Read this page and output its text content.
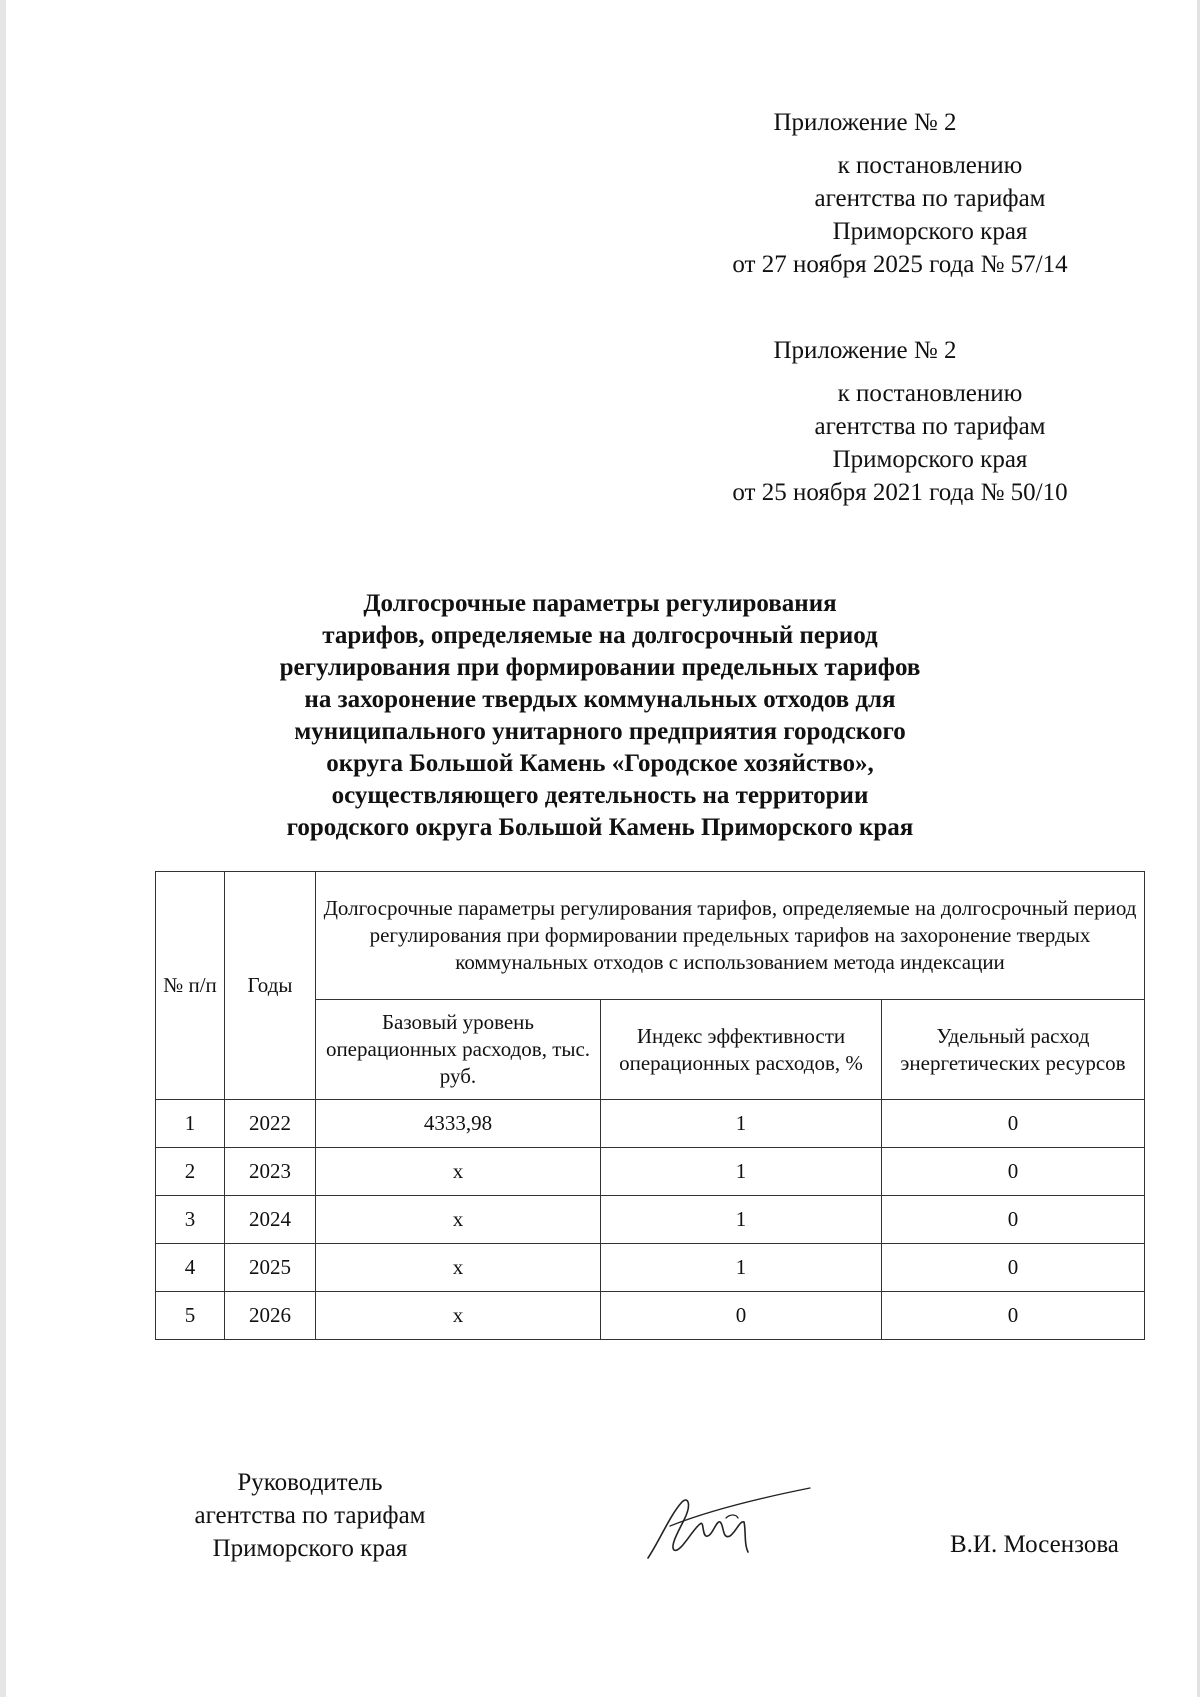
Приложение № 2
к постановлению
агентства по тарифам
Приморского края
от 27 ноября 2025 года № 57/14
Приложение № 2
к постановлению
агентства по тарифам
Приморского края
от 25 ноября 2021 года № 50/10
Долгосрочные параметры регулирования
тарифов, определяемые на долгосрочный период
регулирования при формировании предельных тарифов
на захоронение твердых коммунальных отходов для
муниципального унитарного предприятия городского
округа Большой Камень «Городское хозяйство»,
осуществляющего деятельность на территории
городского округа Большой Камень Приморского края
№ п/п	Годы	Долгосрочные параметры регулирования тарифов, определяемые на долгосрочный период регулирования при формировании предельных тарифов на захоронение твердых коммунальных отходов с использованием метода индексации		
		Базовый уровень операционных расходов, тыс. руб.	Индекс эффективности операционных расходов, %	Удельный расход энергетических ресурсов
1	2022	4333,98	1	0
2	2023	х	1	0
3	2024	х	1	0
4	2025	х	1	0
5	2026	х	0	0
Руководитель
агентства по тарифам
Приморского края	В.И. Мосензова
